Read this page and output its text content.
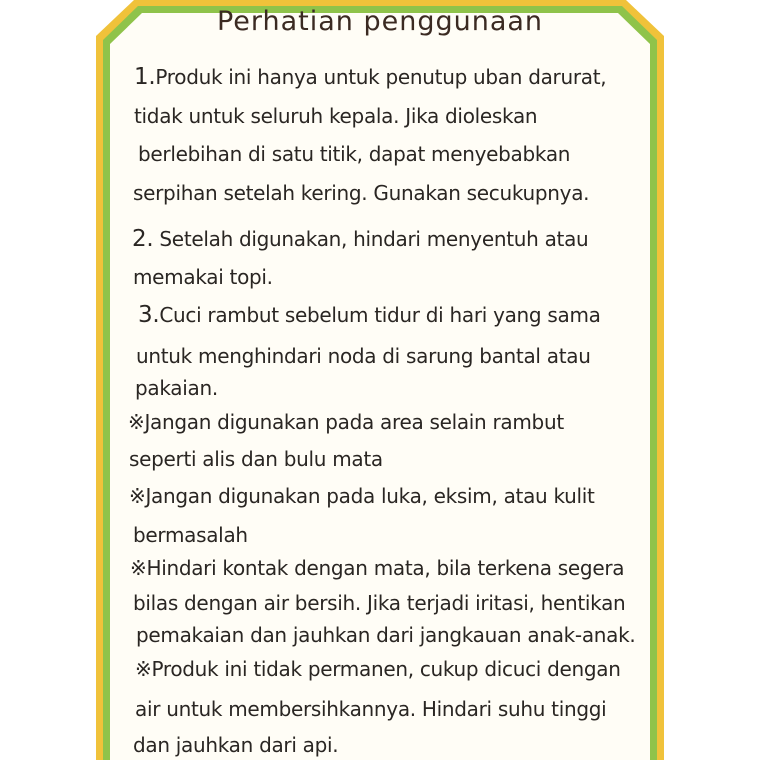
Perhatian penggunaan
1.Produk ini hanya untuk penutup uban darurat,
tidak untuk seluruh kepala. Jika dioleskan
berlebihan di satu titik, dapat menyebabkan
serpihan setelah kering. Gunakan secukupnya.
2. Setelah digunakan, hindari menyentuh atau
memakai topi.
3.Cuci rambut sebelum tidur di hari yang sama
untuk menghindari noda di sarung bantal atau
pakaian.
※Jangan digunakan pada area selain rambut
seperti alis dan bulu mata
※Jangan digunakan pada luka, eksim, atau kulit
bermasalah
※Hindari kontak dengan mata, bila terkena segera
bilas dengan air bersih. Jika terjadi iritasi, hentikan
pemakaian dan jauhkan dari jangkauan anak-anak.
※Produk ini tidak permanen, cukup dicuci dengan
air untuk membersihkannya. Hindari suhu tinggi
dan jauhkan dari api.
